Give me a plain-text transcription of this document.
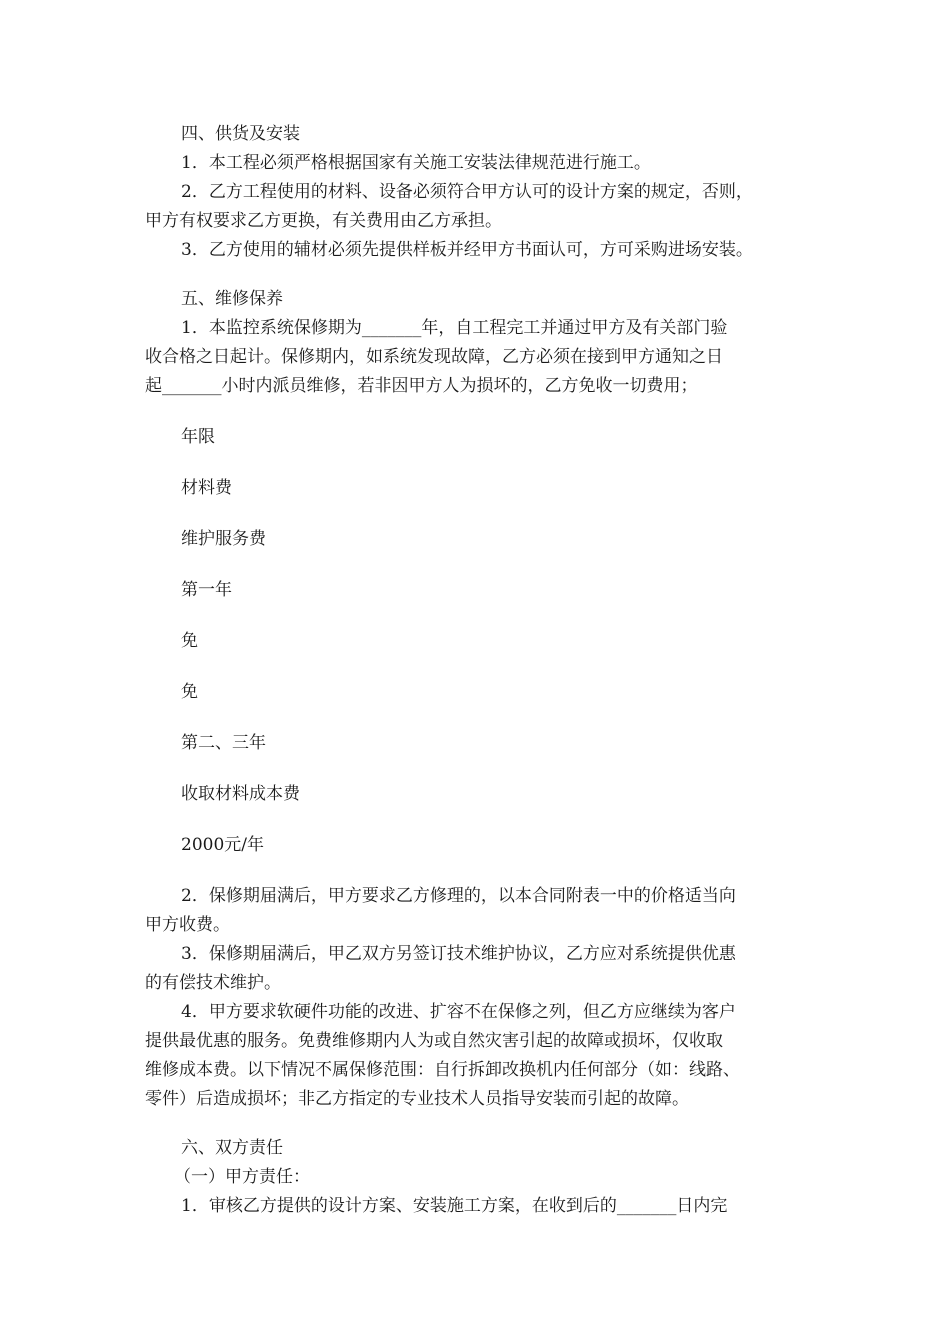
四、供货及安装
1．本工程必须严格根据国家有关施工安装法律规范进行施工。
2．乙方工程使用的材料、设备必须符合甲方认可的设计方案的规定，否则，
甲方有权要求乙方更换，有关费用由乙方承担。
3．乙方使用的辅材必须先提供样板并经甲方书面认可，方可采购进场安装。
五、维修保养
1．本监控系统保修期为_______年，自工程完工并通过甲方及有关部门验
收合格之日起计。保修期内，如系统发现故障，乙方必须在接到甲方通知之日
起_______小时内派员维修，若非因甲方人为损坏的，乙方免收一切费用；
年限
材料费
维护服务费
第一年
免
免
第二、三年
收取材料成本费
2000元/年
2．保修期届满后，甲方要求乙方修理的，以本合同附表一中的价格适当向
甲方收费。
3．保修期届满后，甲乙双方另签订技术维护协议，乙方应对系统提供优惠
的有偿技术维护。
4．甲方要求软硬件功能的改进、扩容不在保修之列，但乙方应继续为客户
提供最优惠的服务。免费维修期内人为或自然灾害引起的故障或损坏，仅收取
维修成本费。以下情况不属保修范围：自行拆卸改换机内任何部分（如：线路、
零件）后造成损坏；非乙方指定的专业技术人员指导安装而引起的故障。
六、双方责任
（一）甲方责任：
1．审核乙方提供的设计方案、安装施工方案，在收到后的_______日内完
